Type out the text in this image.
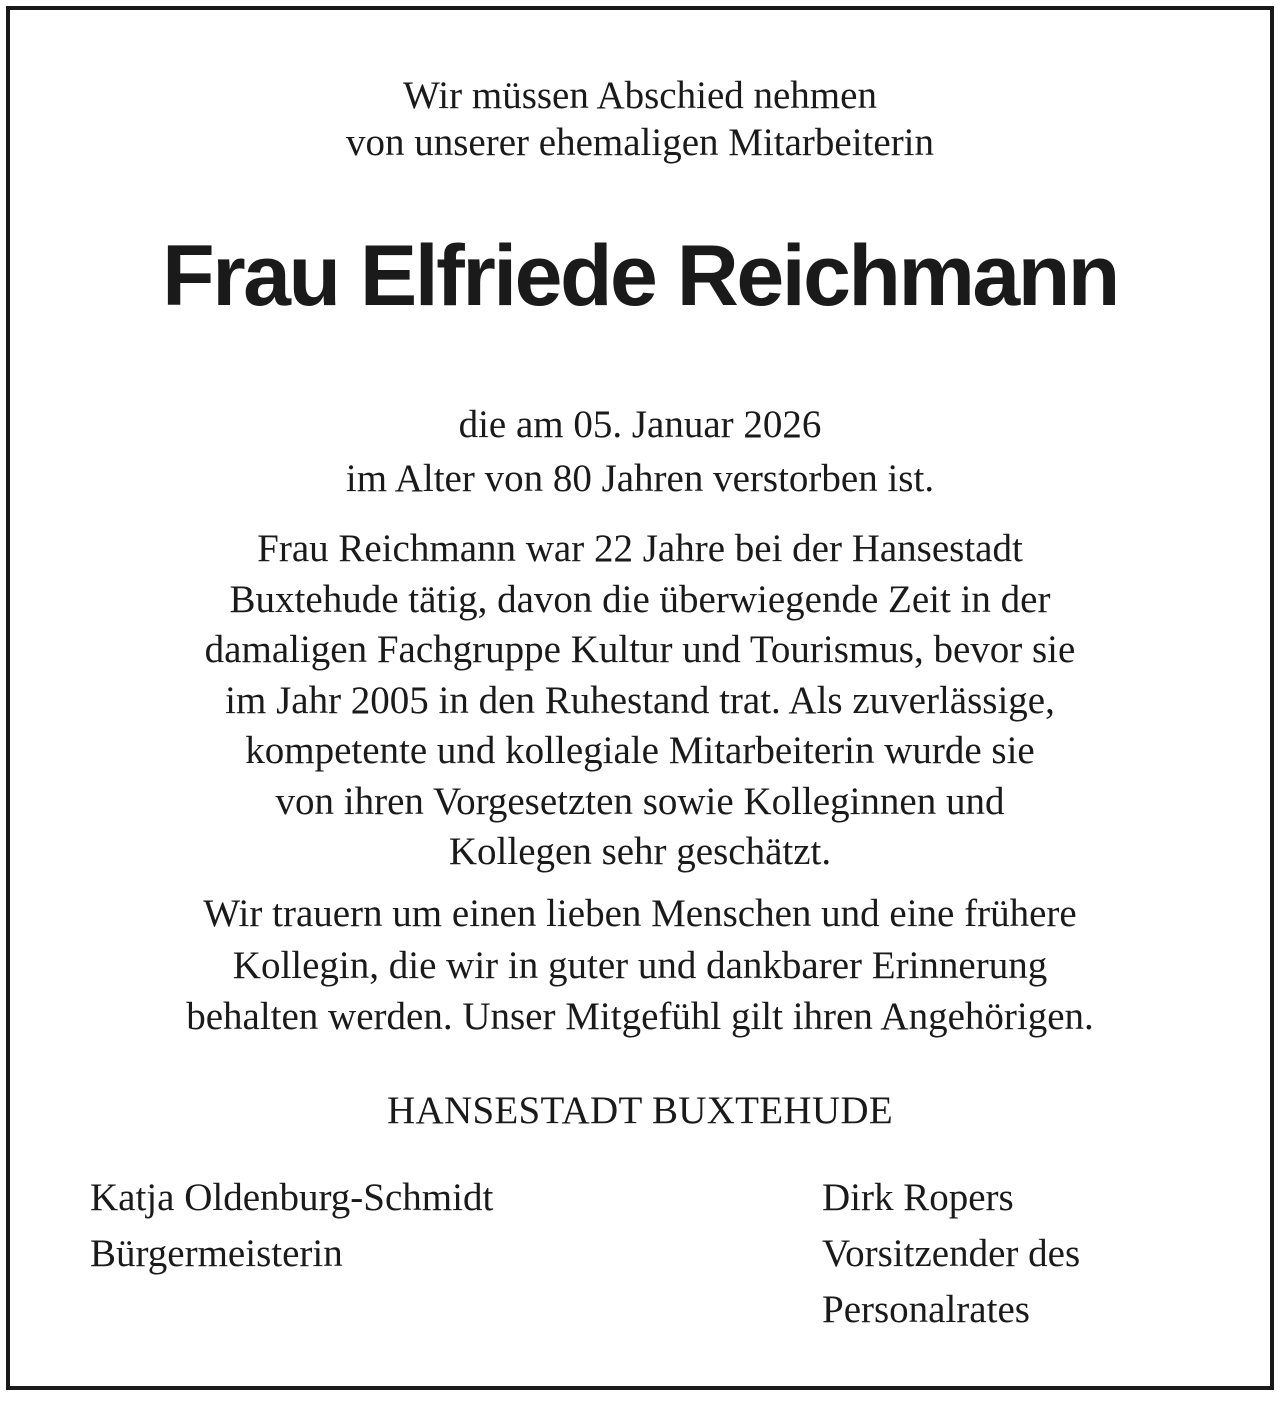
Wir müssen Abschied nehmen
von unserer ehemaligen Mitarbeiterin
Frau Elfriede Reichmann
die am 05. Januar 2026
im Alter von 80 Jahren verstorben ist.
Frau Reichmann war 22 Jahre bei der Hansestadt
Buxtehude tätig, davon die überwiegende Zeit in der
damaligen Fachgruppe Kultur und Tourismus, bevor sie
im Jahr 2005 in den Ruhestand trat. Als zuverlässige,
kompetente und kollegiale Mitarbeiterin wurde sie
von ihren Vorgesetzten sowie Kolleginnen und
Kollegen sehr geschätzt.
Wir trauern um einen lieben Menschen und eine frühere
Kollegin, die wir in guter und dankbarer Erinnerung
behalten werden. Unser Mitgefühl gilt ihren Angehörigen.
HANSESTADT BUXTEHUDE
Katja Oldenburg-Schmidt
Bürgermeisterin
Dirk Ropers
Vorsitzender des
Personalrates
